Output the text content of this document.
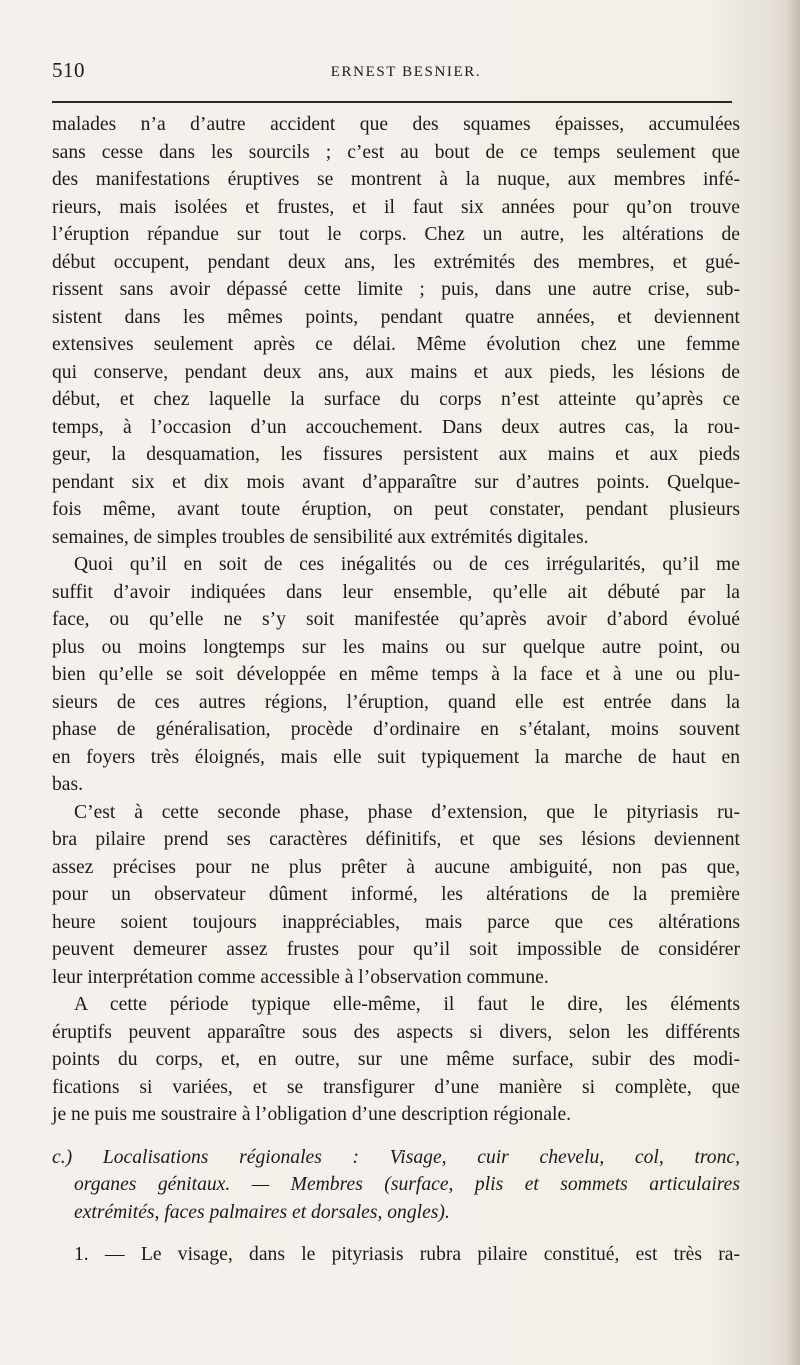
510	ERNEST BESNIER.
malades n’a d’autre accident que des squames épaisses, accumulées
sans cesse dans les sourcils ; c’est au bout de ce temps seulement que
des manifestations éruptives se montrent à la nuque, aux membres infé-
rieurs, mais isolées et frustes, et il faut six années pour qu’on trouve
l’éruption répandue sur tout le corps. Chez un autre, les altérations de
début occupent, pendant deux ans, les extrémités des membres, et gué-
rissent sans avoir dépassé cette limite ; puis, dans une autre crise, sub-
sistent dans les mêmes points, pendant quatre années, et deviennent
extensives seulement après ce délai. Même évolution chez une femme
qui conserve, pendant deux ans, aux mains et aux pieds, les lésions de
début, et chez laquelle la surface du corps n’est atteinte qu’après ce
temps, à l’occasion d’un accouchement. Dans deux autres cas, la rou-
geur, la desquamation, les fissures persistent aux mains et aux pieds
pendant six et dix mois avant d’apparaître sur d’autres points. Quelque-
fois même, avant toute éruption, on peut constater, pendant plusieurs
semaines, de simples troubles de sensibilité aux extrémités digitales.
Quoi qu’il en soit de ces inégalités ou de ces irrégularités, qu’il me
suffit d’avoir indiquées dans leur ensemble, qu’elle ait débuté par la
face, ou qu’elle ne s’y soit manifestée qu’après avoir d’abord évolué
plus ou moins longtemps sur les mains ou sur quelque autre point, ou
bien qu’elle se soit développée en même temps à la face et à une ou plu-
sieurs de ces autres régions, l’éruption, quand elle est entrée dans la
phase de généralisation, procède d’ordinaire en s’étalant, moins souvent
en foyers très éloignés, mais elle suit typiquement la marche de haut en
bas.
C’est à cette seconde phase, phase d’extension, que le pityriasis ru-
bra pilaire prend ses caractères définitifs, et que ses lésions deviennent
assez précises pour ne plus prêter à aucune ambiguité, non pas que,
pour un observateur dûment informé, les altérations de la première
heure soient toujours inappréciables, mais parce que ces altérations
peuvent demeurer assez frustes pour qu’il soit impossible de considérer
leur interprétation comme accessible à l’observation commune.
A cette période typique elle-même, il faut le dire, les éléments
éruptifs peuvent apparaître sous des aspects si divers, selon les différents
points du corps, et, en outre, sur une même surface, subir des modi-
fications si variées, et se transfigurer d’une manière si complète, que
je ne puis me soustraire à l’obligation d’une description régionale.
c.) Localisations régionales : Visage, cuir chevelu, col, tronc,
organes génitaux. — Membres (surface, plis et sommets articulaires
extrémités, faces palmaires et dorsales, ongles).
1. — Le visage, dans le pityriasis rubra pilaire constitué, est très ra-
